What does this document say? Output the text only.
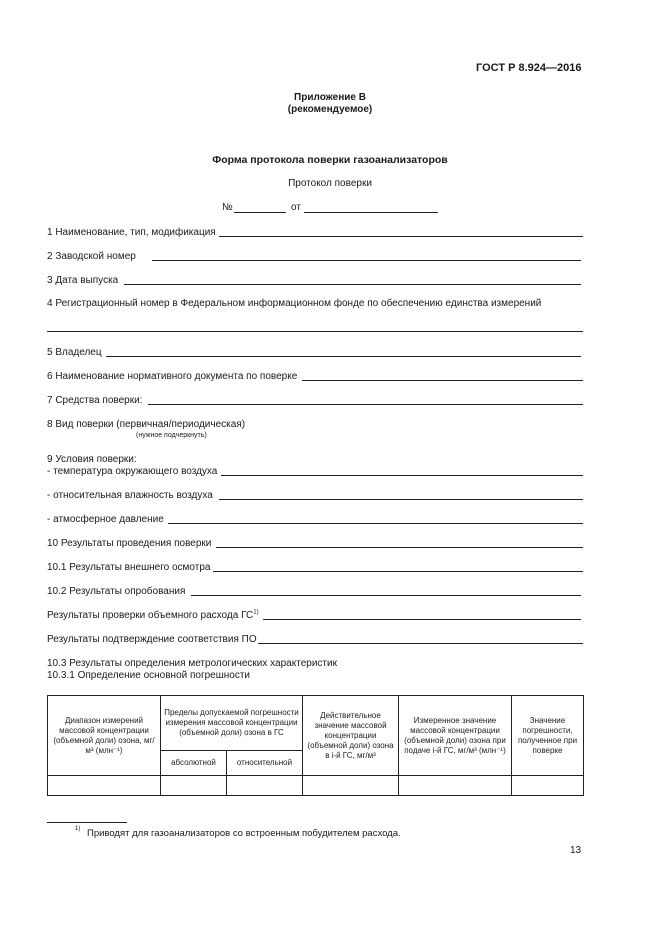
ГОСТ Р 8.924—2016
Приложение В
(рекомендуемое)
Форма протокола поверки газоанализаторов
Протокол поверки
№	от
1 Наименование, тип, модификация
2 Заводской номер
3 Дата выпуска
4 Регистрационный номер в Федеральном информационном фонде по обеспечению единства измерений
5 Владелец
6 Наименование нормативного документа по поверке
7 Средства поверки:
8 Вид поверки (первичная/периодическая)
(нужное подчеркнуть)
9 Условия поверки:
- температура окружающего воздуха
- относительная влажность воздуха
- атмосферное давление
10 Результаты проведения поверки
10.1 Результаты внешнего осмотра
10.2 Результаты опробования
Результаты проверки объемного расхода ГС$^{1)}$
Результаты подтверждение соответствия ПО
10.3 Результаты определения метрологических характеристик
10.3.1 Определение основной погрешности
Диапазон измерений массовой концентрации (объемной доли) озона, мг/м³ (млн⁻¹)	Пределы допускаемой погрешности измерения массовой концентрации (объемной доли) озона в ГС		Действительное значение массовой концентрации (объемной доли) озона в i-й ГС, мг/м³	Измеренное значение массовой концентрации (объемной доли) озона при подаче i-й ГС, мг/м³ (млн⁻¹)	Значение погрешности, полученное при поверке
	абсолютной	относительной			

1) Приводят для газоанализаторов со встроенным побудителем расхода.
13
